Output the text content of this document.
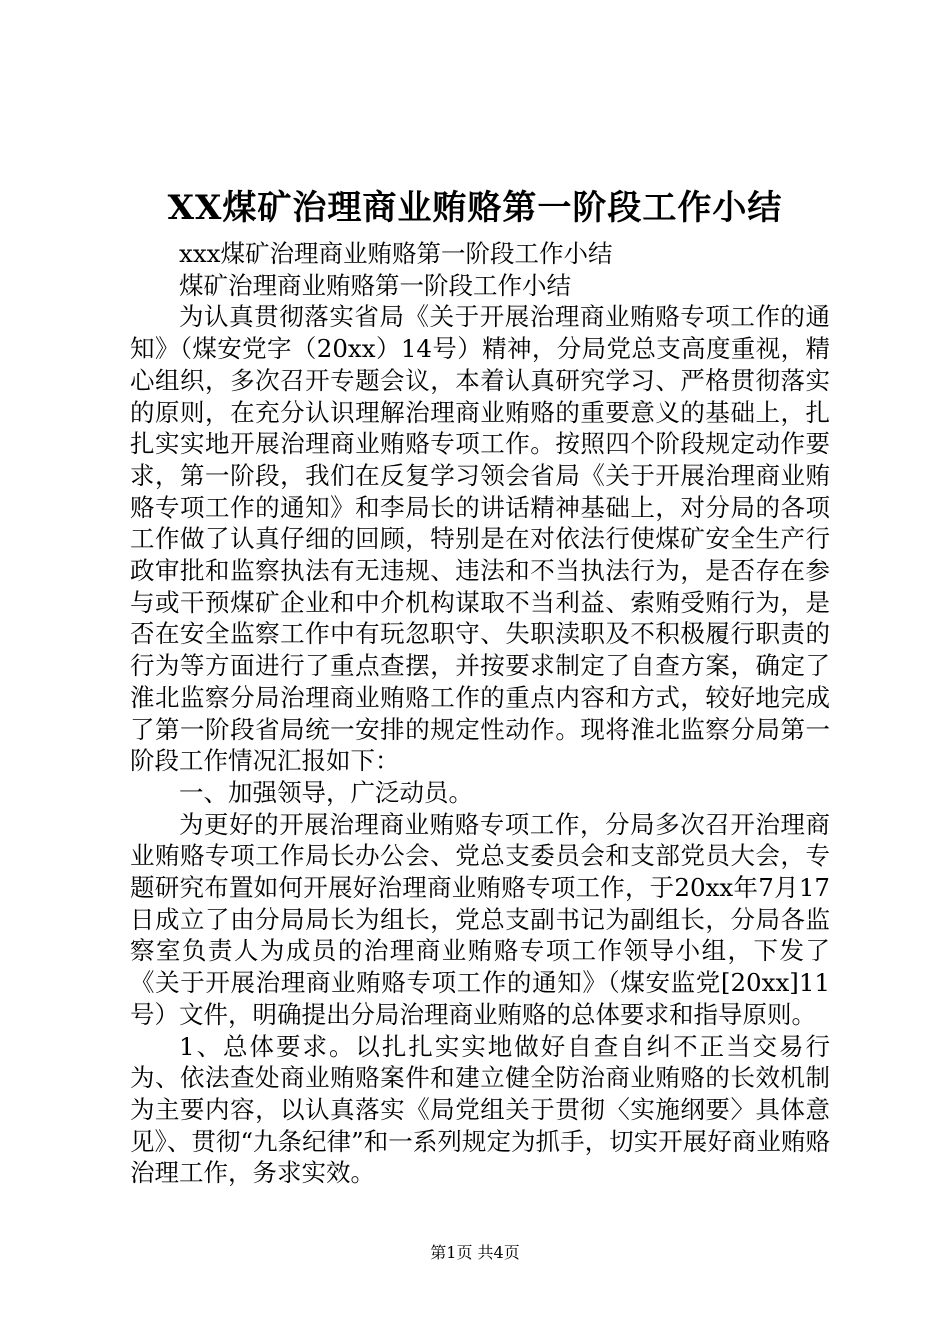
XX煤矿治理商业贿赂第一阶段工作小结

xxx煤矿治理商业贿赂第一阶段工作小结

煤矿治理商业贿赂第一阶段工作小结

为认真贯彻落实省局《关于开展治理商业贿赂专项工作的通知》（煤安党字（20xx）14号）精神，分局党总支高度重视，精心组织，多次召开专题会议，本着认真研究学习、严格贯彻落实的原则，在充分认识理解治理商业贿赂的重要意义的基础上，扎扎实实地开展治理商业贿赂专项工作。按照四个阶段规定动作要求，第一阶段，我们在反复学习领会省局《关于开展治理商业贿赂专项工作的通知》和李局长的讲话精神基础上，对分局的各项工作做了认真仔细的回顾，特别是在对依法行使煤矿安全生产行政审批和监察执法有无违规、违法和不当执法行为，是否存在参与或干预煤矿企业和中介机构谋取不当利益、索贿受贿行为，是否在安全监察工作中有玩忽职守、失职渎职及不积极履行职责的行为等方面进行了重点查摆，并按要求制定了自查方案，确定了淮北监察分局治理商业贿赂工作的重点内容和方式，较好地完成了第一阶段省局统一安排的规定性动作。现将淮北监察分局第一阶段工作情况汇报如下：

一、加强领导，广泛动员。

为更好的开展治理商业贿赂专项工作，分局多次召开治理商业贿赂专项工作局长办公会、党总支委员会和支部党员大会，专题研究布置如何开展好治理商业贿赂专项工作，于20xx年7月17日成立了由分局局长为组长，党总支副书记为副组长，分局各监察室负责人为成员的治理商业贿赂专项工作领导小组，下发了《关于开展治理商业贿赂专项工作的通知》（煤安监党[20xx]11号）文件，明确提出分局治理商业贿赂的总体要求和指导原则。

1、总体要求。以扎扎实实地做好自查自纠不正当交易行为、依法查处商业贿赂案件和建立健全防治商业贿赂的长效机制为主要内容，以认真落实《局党组关于贯彻〈实施纲要〉具体意见》、贯彻“九条纪律”和一系列规定为抓手，切实开展好商业贿赂治理工作，务求实效。

第1页 共4页
